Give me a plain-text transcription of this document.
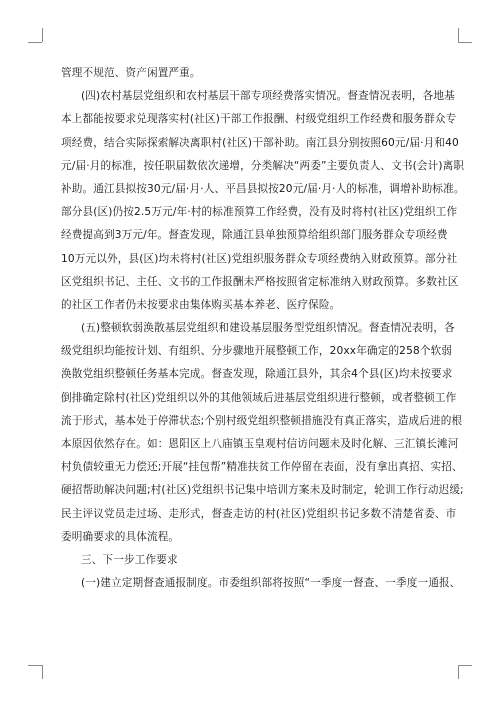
管理不规范、资产闲置严重。
(四)农村基层党组织和农村基层干部专项经费落实情况。督查情况表明，各地基
本上都能按要求兑现落实村(社区)干部工作报酬、村级党组织工作经费和服务群众专
项经费，结合实际探索解决离职村(社区)干部补助。南江县分别按照60元/届·月和40
元/届·月的标准，按任职届数依次递增，分类解决“两委”主要负责人、文书(会计)离职
补助。通江县拟按30元/届·月·人、平昌县拟按20元/届·月·人的标准，调增补助标准。
部分县(区)仍按2.5万元/年·村的标准预算工作经费，没有及时将村(社区)党组织工作
经费提高到3万元/年。督查发现，除通江县单独预算给组织部门服务群众专项经费
10万元以外，县(区)均未将村(社区)党组织服务群众专项经费纳入财政预算。部分社
区党组织书记、主任、文书的工作报酬未严格按照省定标准纳入财政预算。多数社区
的社区工作者仍未按要求由集体购买基本养老、医疗保险。
(五)整顿软弱涣散基层党组织和建设基层服务型党组织情况。督查情况表明，各
级党组织均能按计划、有组织、分步骤地开展整顿工作，20xx年确定的258个软弱
涣散党组织整顿任务基本完成。督查发现，除通江县外，其余4个县(区)均未按要求
倒排确定除村(社区)党组织以外的其他领域后进基层党组织进行整顿，或者整顿工作
流于形式，基本处于停滞状态;个别村级党组织整顿措施没有真正落实，造成后进的根
本原因依然存在。如：恩阳区上八庙镇玉皇观村信访问题未及时化解、三汇镇长滩河
村负债较重无力偿还;开展“挂包帮”精准扶贫工作停留在表面，没有拿出真招、实招、
硬招帮助解决问题;村(社区)党组织书记集中培训方案未及时制定，轮训工作行动迟缓;
民主评议党员走过场、走形式，督查走访的村(社区)党组织书记多数不清楚省委、市
委明确要求的具体流程。
三、下一步工作要求
(一)建立定期督查通报制度。市委组织部将按照“一季度一督查、一季度一通报、
